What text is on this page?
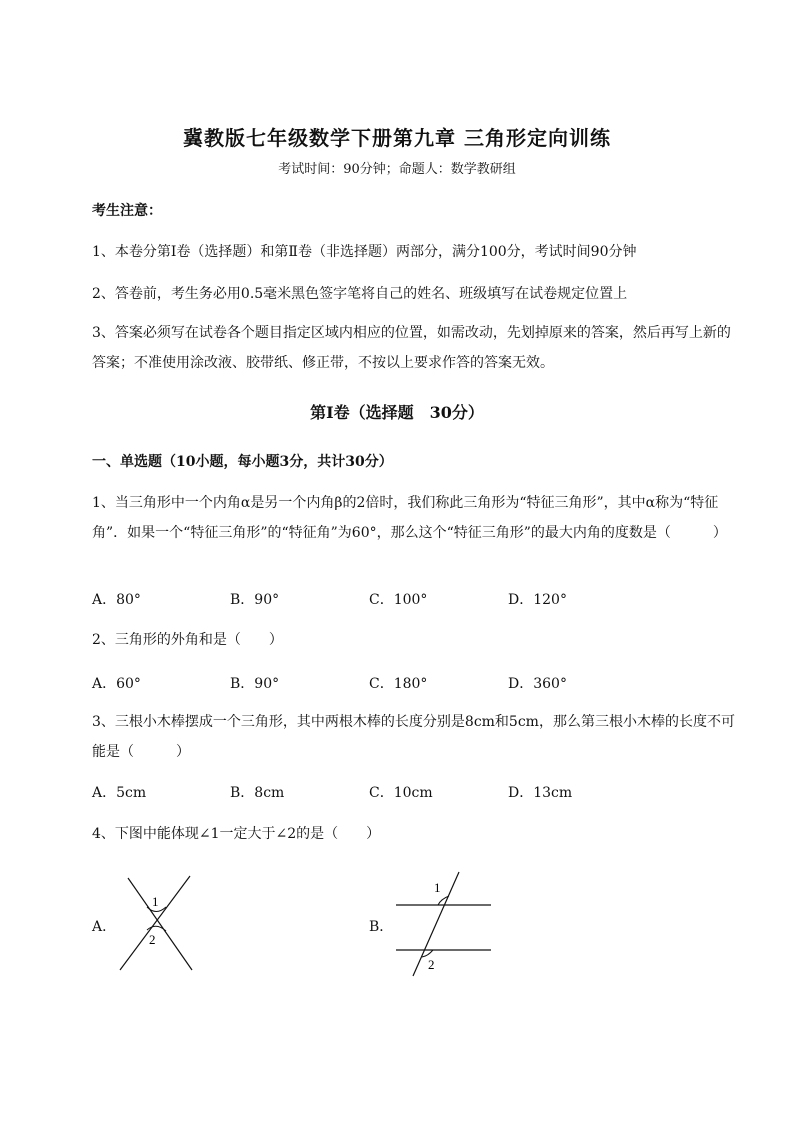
冀教版七年级数学下册第九章 三角形定向训练
考试时间：90分钟；命题人：数学教研组
考生注意：
1、本卷分第Ⅰ卷（选择题）和第Ⅱ卷（非选择题）两部分，满分100分，考试时间90分钟
2、答卷前，考生务必用0.5毫米黑色签字笔将自己的姓名、班级填写在试卷规定位置上
3、答案必须写在试卷各个题目指定区域内相应的位置，如需改动，先划掉原来的答案，然后再写上新的答案；不准使用涂改液、胶带纸、修正带，不按以上要求作答的答案无效。
第Ⅰ卷（选择题　30分）
一、单选题（10小题，每小题3分，共计30分）
1、当三角形中一个内角α是另一个内角β的2倍时，我们称此三角形为“特征三角形”，其中α称为“特征角”．如果一个“特征三角形”的“特征角”为60°，那么这个“特征三角形”的最大内角的度数是（　　　）
A．80°	B．90°	C．100°	D．120°
2、三角形的外角和是（　　）
A．60°	B．90°	C．180°	D．360°
3、三根小木棒摆成一个三角形，其中两根木棒的长度分别是8cm和5cm，那么第三根小木棒的长度不可能是（　　　）
A．5cm	B．8cm	C．10cm	D．13cm
4、下图中能体现∠1一定大于∠2的是（　　）
A．
1
2
B．
1
2
